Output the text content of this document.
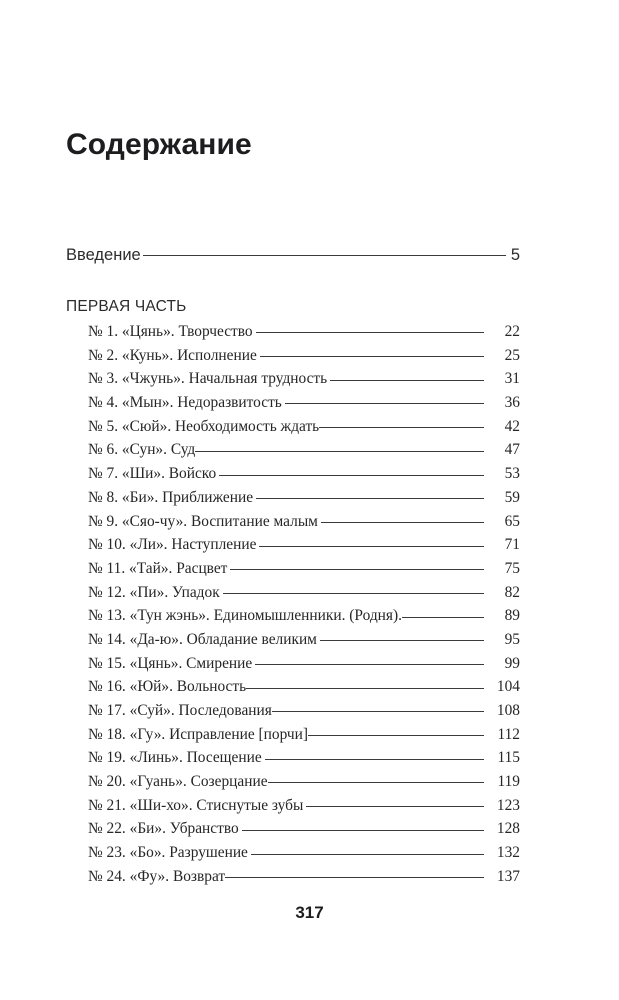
Содержание
Введение	5
ПЕРВАЯ ЧАСТЬ
№ 1. «Цянь». Творчество	22
№ 2. «Кунь». Исполнение	25
№ 3. «Чжунь». Начальная трудность	31
№ 4. «Мын». Недоразвитость	36
№ 5. «Сюй». Необходимость ждать	42
№ 6. «Сун». Суд	47
№ 7. «Ши». Войско	53
№ 8. «Би». Приближение	59
№ 9. «Сяо-чу». Воспитание малым	65
№ 10. «Ли». Наступление	71
№ 11. «Тай». Расцвет	75
№ 12. «Пи». Упадок	82
№ 13. «Тун жэнь». Единомышленники. (Родня).	89
№ 14. «Да-ю». Обладание великим	95
№ 15. «Цянь». Смирение	99
№ 16. «Юй». Вольность	104
№ 17. «Суй». Последования	108
№ 18. «Гу». Исправление [порчи]	112
№ 19. «Линь». Посещение	115
№ 20. «Гуань». Созерцание	119
№ 21. «Ши-хо». Стиснутые зубы	123
№ 22. «Би». Убранство	128
№ 23. «Бо». Разрушение	132
№ 24. «Фу». Возврат	137
317
